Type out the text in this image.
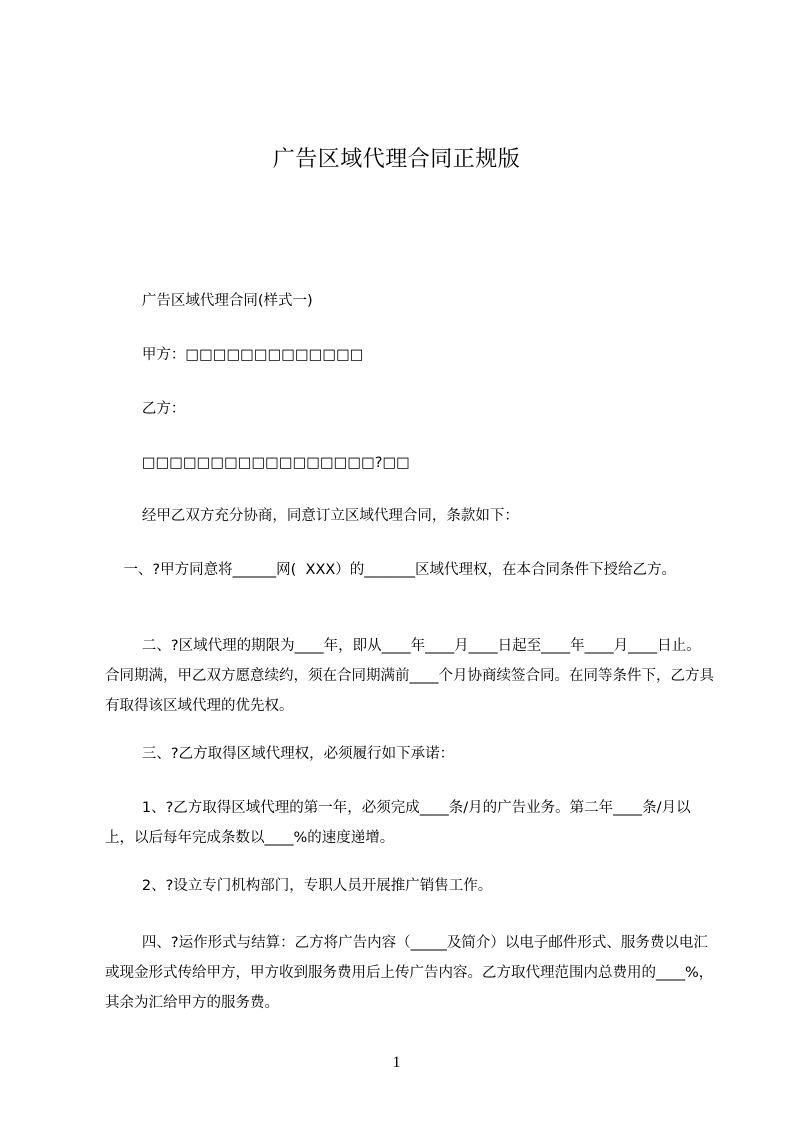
广告区域代理合同正规版
广告区域代理合同(样式一)
甲方：□□□□□□□□□□□□□
乙方：
□□□□□□□□□□□□□□□□□?□□
经甲乙双方充分协商，同意订立区域代理合同，条款如下：
一、?甲方同意将______网(  XXX）的_______区域代理权，在本合同条件下授给乙方。
二、?区域代理的期限为____年，即从____年____月____日起至____年____月____日止。合同期满，甲乙双方愿意续约，须在合同期满前____个月协商续签合同。在同等条件下，乙方具有取得该区域代理的优先权。
三、?乙方取得区域代理权，必须履行如下承诺：
1、?乙方取得区域代理的第一年，必须完成____条/月的广告业务。第二年____条/月以上，以后每年完成条数以____%的速度递增。
2、?设立专门机构部门，专职人员开展推广销售工作。
四、?运作形式与结算：乙方将广告内容（_____及简介）以电子邮件形式、服务费以电汇或现金形式传给甲方，甲方收到服务费用后上传广告内容。乙方取代理范围内总费用的____%，其余为汇给甲方的服务费。
1
